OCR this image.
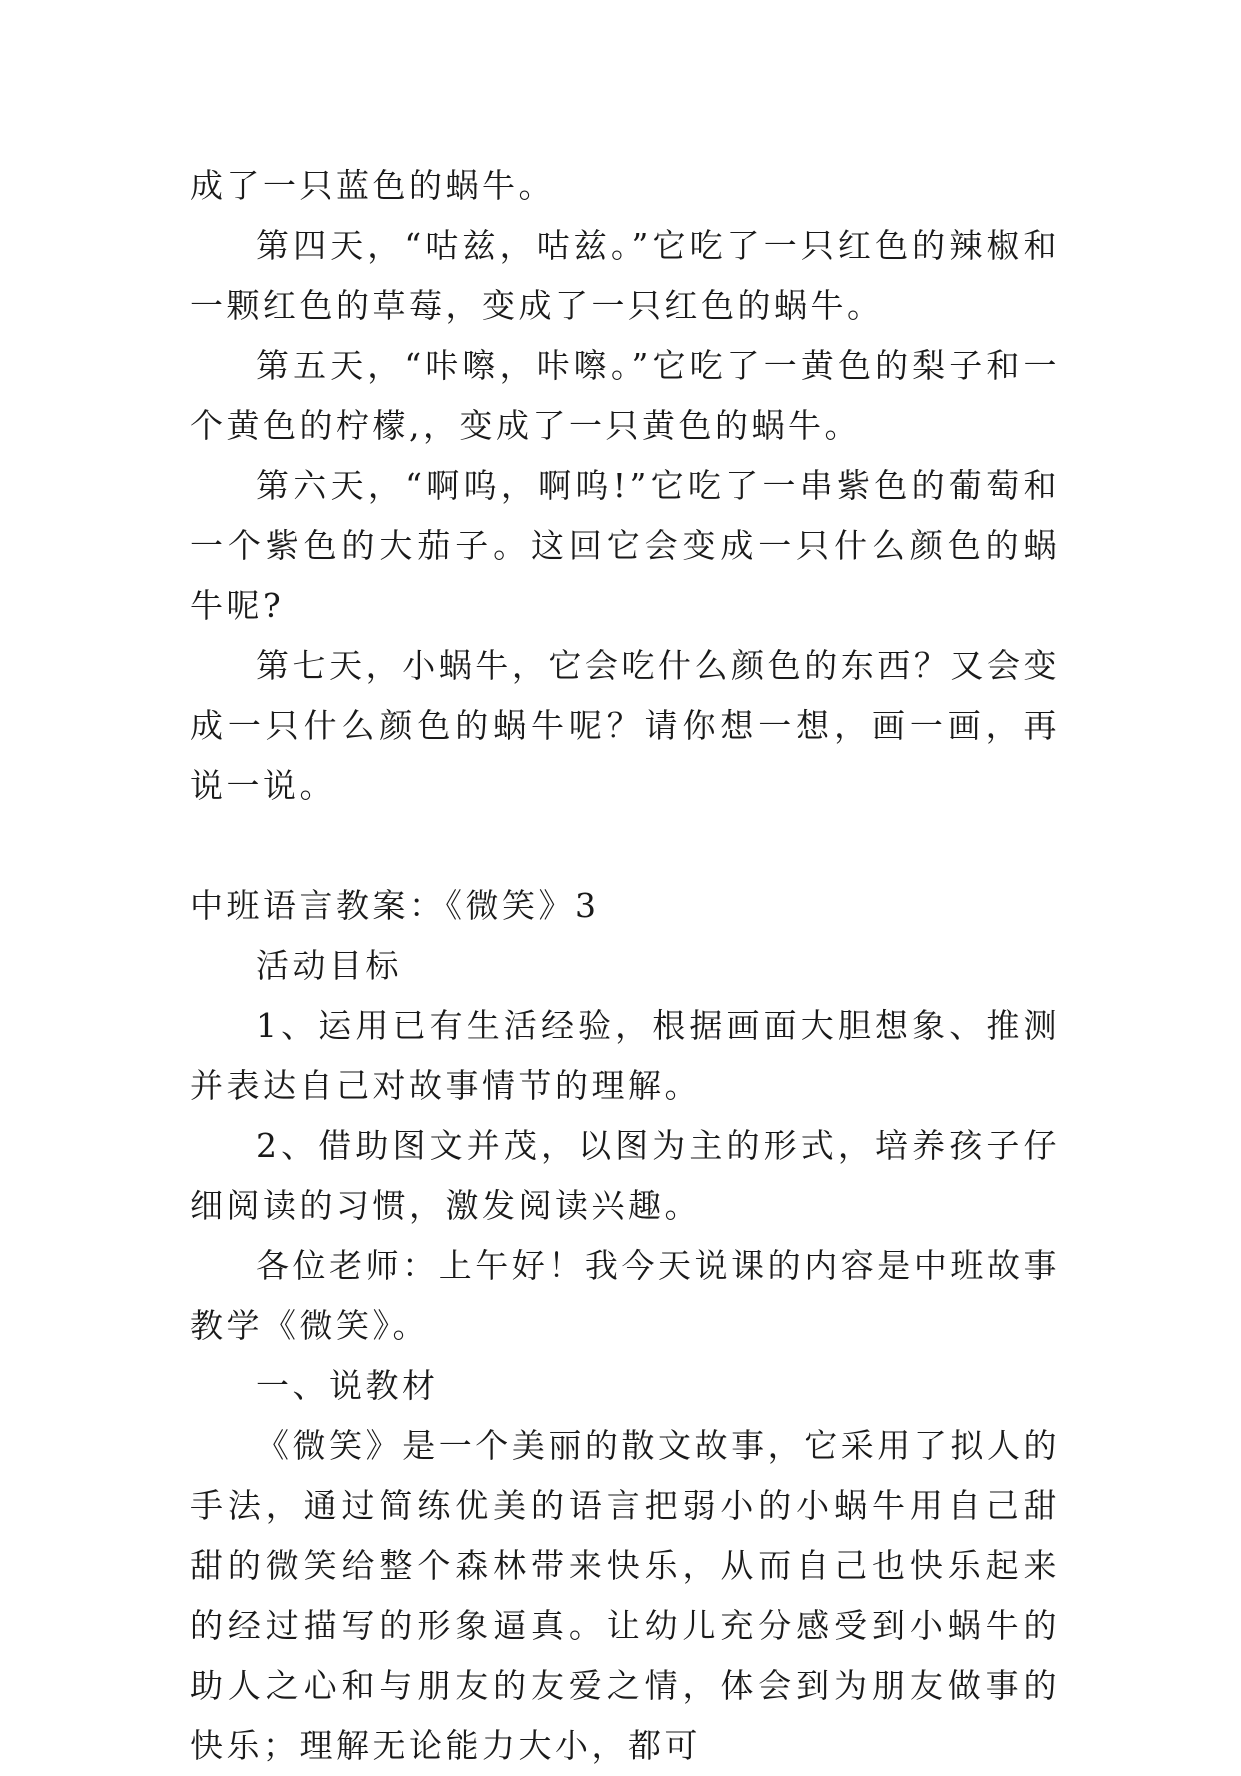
成了一只蓝色的蜗牛。

第四天，“咕兹，咕兹。”它吃了一只红色的辣椒和一颗红色的草莓，变成了一只红色的蜗牛。

第五天，“咔嚓，咔嚓。”它吃了一黄色的梨子和一个黄色的柠檬,，变成了一只黄色的蜗牛。

第六天，“啊呜，啊呜!”它吃了一串紫色的葡萄和一个紫色的大茄子。这回它会变成一只什么颜色的蜗牛呢?

第七天，小蜗牛，它会吃什么颜色的东西？又会变成一只什么颜色的蜗牛呢？请你想一想，画一画，再说一说。

中班语言教案：《微笑》3

活动目标

1、运用已有生活经验，根据画面大胆想象、推测并表达自己对故事情节的理解。

2、借助图文并茂，以图为主的形式，培养孩子仔细阅读的习惯，激发阅读兴趣。

各位老师：上午好！我今天说课的内容是中班故事教学《微笑》。

一、说教材

《微笑》是一个美丽的散文故事，它采用了拟人的手法，通过简练优美的语言把弱小的小蜗牛用自己甜甜的微笑给整个森林带来快乐，从而自己也快乐起来的经过描写的形象逼真。让幼儿充分感受到小蜗牛的助人之心和与朋友的友爱之情，体会到为朋友做事的快乐；理解无论能力大小，都可
